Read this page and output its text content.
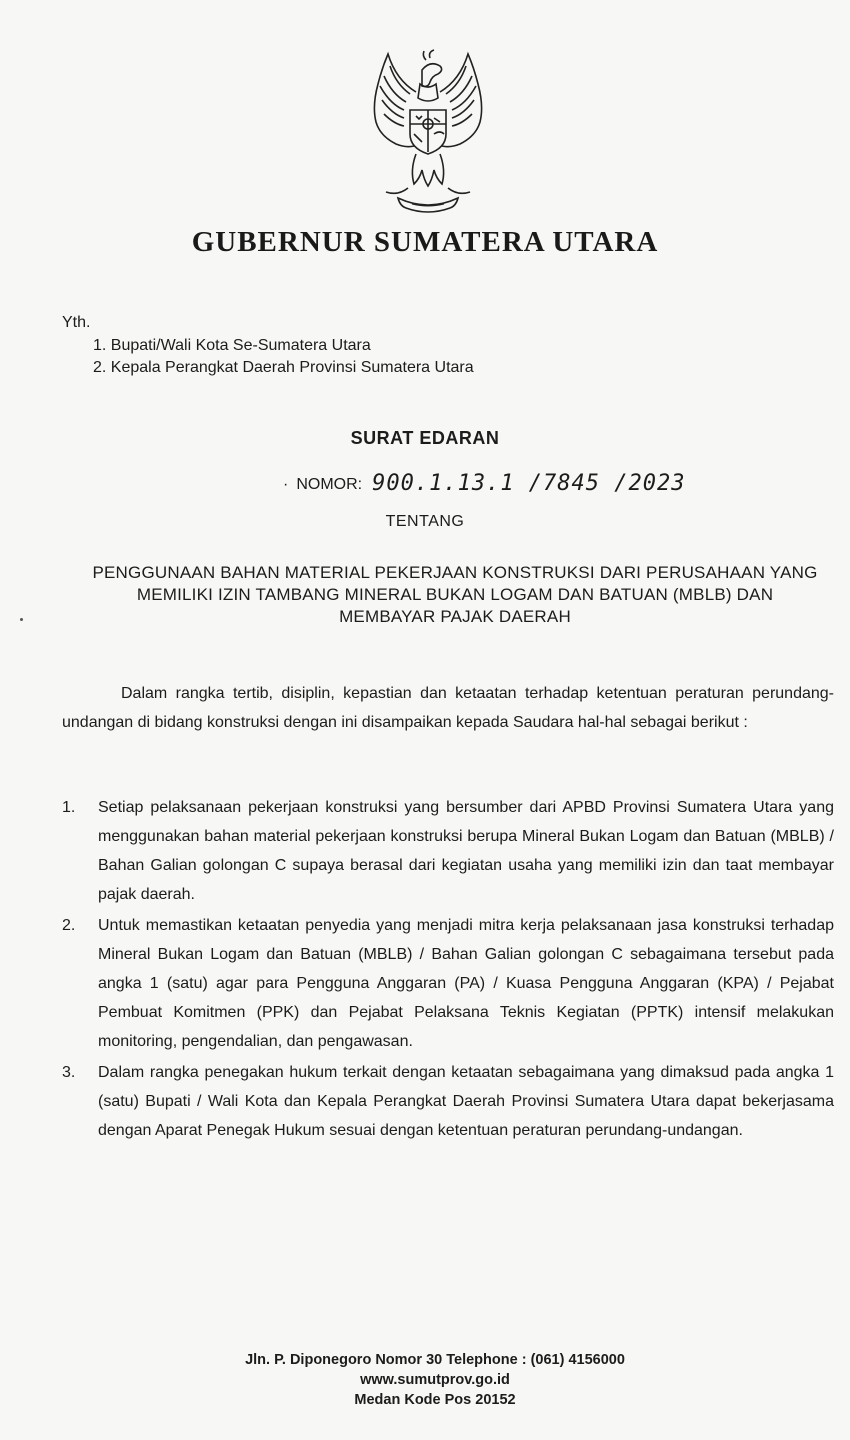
GUBERNUR SUMATERA UTARA
Yth.
1. Bupati/Wali Kota Se-Sumatera Utara
2. Kepala Perangkat Daerah Provinsi Sumatera Utara
SURAT EDARAN
· NOMOR: 900.1.13.1 /7845 /2023
TENTANG
PENGGUNAAN BAHAN MATERIAL PEKERJAAN KONSTRUKSI DARI PERUSAHAAN YANG
MEMILIKI IZIN TAMBANG MINERAL BUKAN LOGAM DAN BATUAN (MBLB) DAN
MEMBAYAR PAJAK DAERAH

Dalam rangka tertib, disiplin, kepastian dan ketaatan terhadap ketentuan peraturan perundang-undangan di bidang konstruksi dengan ini disampaikan kepada Saudara hal-hal sebagai berikut :

1.	Setiap pelaksanaan pekerjaan konstruksi yang bersumber dari APBD Provinsi Sumatera Utara yang menggunakan bahan material pekerjaan konstruksi berupa Mineral Bukan Logam dan Batuan (MBLB) / Bahan Galian golongan C supaya berasal dari kegiatan usaha yang memiliki izin dan taat membayar pajak daerah.
2.	Untuk memastikan ketaatan penyedia yang menjadi mitra kerja pelaksanaan jasa konstruksi terhadap Mineral Bukan Logam dan Batuan (MBLB) / Bahan Galian golongan C sebagaimana tersebut pada angka 1 (satu) agar para Pengguna Anggaran (PA) / Kuasa Pengguna Anggaran (KPA) / Pejabat Pembuat Komitmen (PPK) dan Pejabat Pelaksana Teknis Kegiatan (PPTK) intensif melakukan monitoring, pengendalian, dan pengawasan.
3.	Dalam rangka penegakan hukum terkait dengan ketaatan sebagaimana yang dimaksud pada angka 1 (satu) Bupati / Wali Kota dan Kepala Perangkat Daerah Provinsi Sumatera Utara dapat bekerjasama dengan Aparat Penegak Hukum sesuai dengan ketentuan peraturan perundang-undangan.
Jln. P. Diponegoro Nomor 30 Telephone : (061) 4156000
www.sumutprov.go.id
Medan Kode Pos 20152
